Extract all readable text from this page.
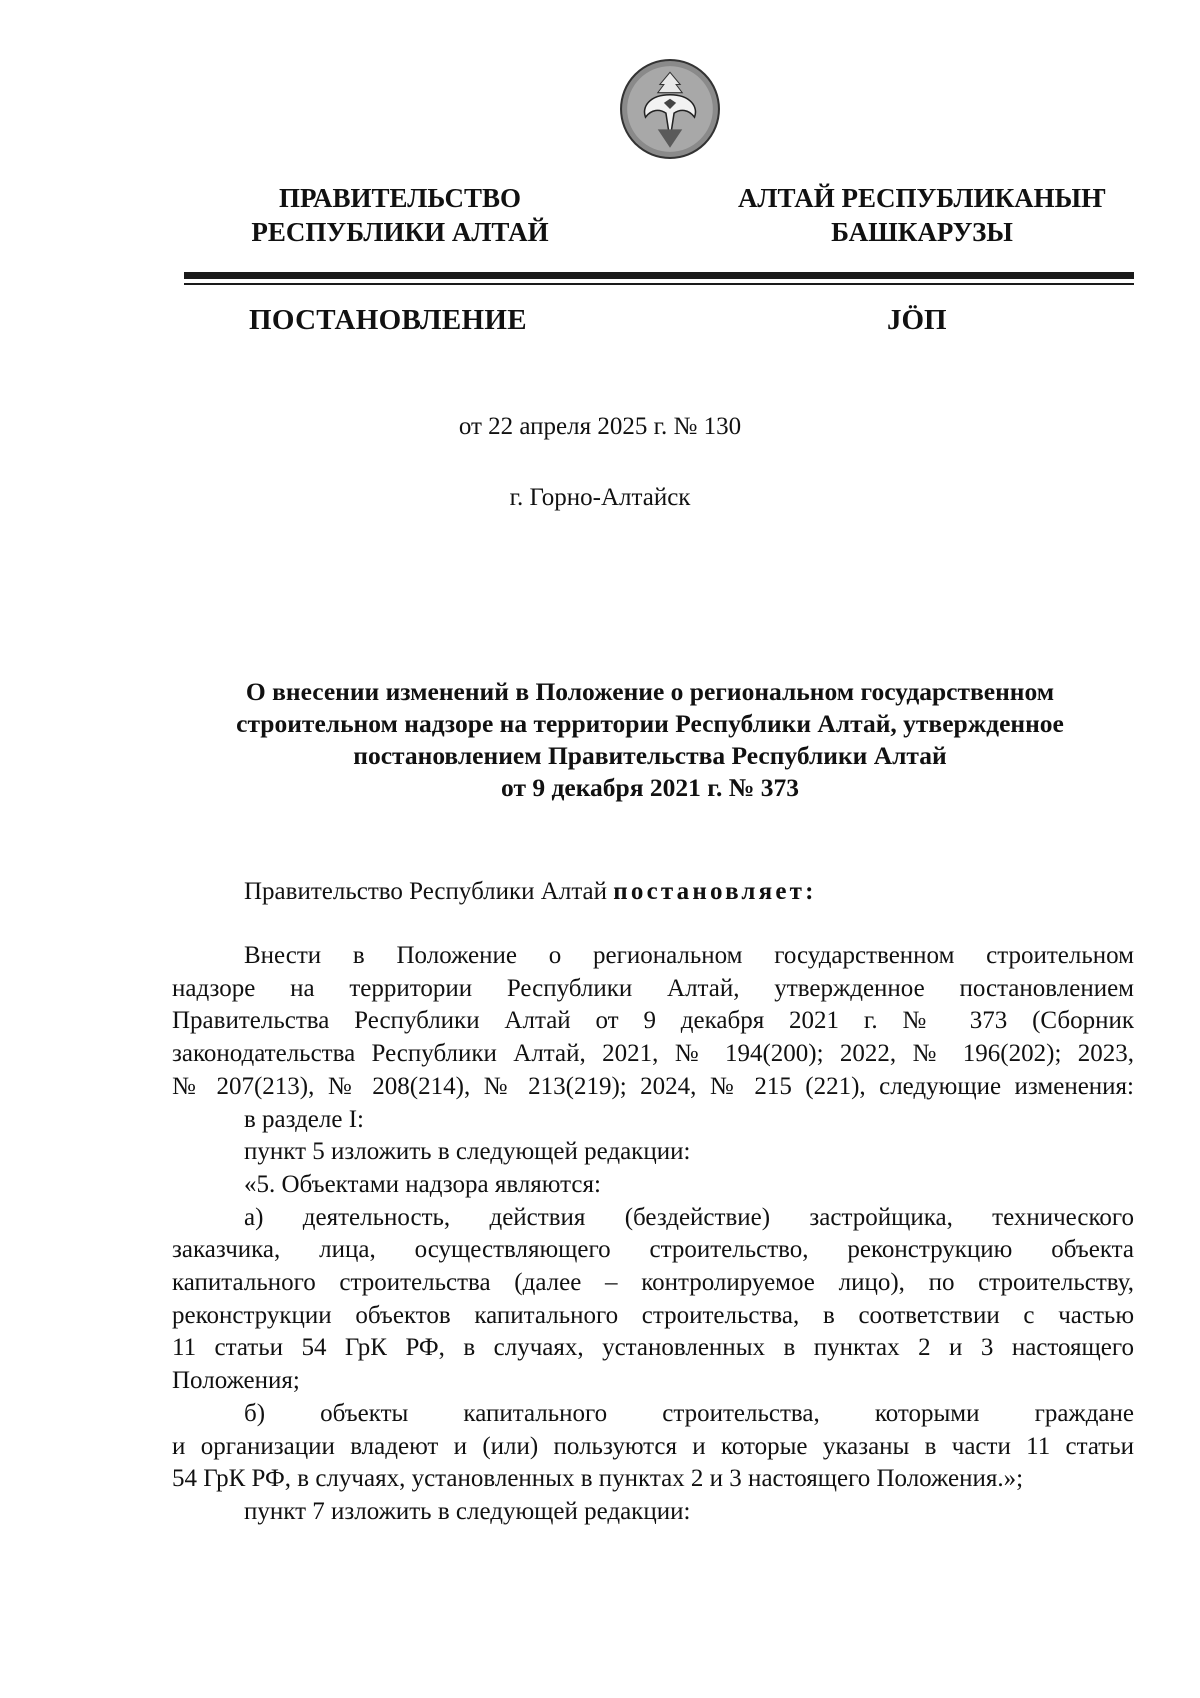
ПРАВИТЕЛЬСТВО
РЕСПУБЛИКИ АЛТАЙ
АЛТАЙ РЕСПУБЛИКАНЫҤ
БАШКАРУЗЫ
ПОСТАНОВЛЕНИЕ	JӦП
от 22 апреля 2025 г. № 130
г. Горно-Алтайск
О внесении изменений в Положение о региональном государственном
строительном надзоре на территории Республики Алтай, утвержденное
постановлением Правительства Республики Алтай
от 9 декабря 2021 г. № 373
Правительство Республики Алтай постановляет:
Внести в Положение о региональном государственном строительном
надзоре на территории Республики Алтай, утвержденное постановлением
Правительства Республики Алтай от 9 декабря 2021 г. № 373 (Сборник
законодательства Республики Алтай, 2021, № 194(200); 2022, № 196(202); 2023,
№ 207(213), № 208(214), № 213(219); 2024, № 215 (221), следующие изменения:
в разделе I:
пункт 5 изложить в следующей редакции:
«5. Объектами надзора являются:
а) деятельность, действия (бездействие) застройщика, технического
заказчика, лица, осуществляющего строительство, реконструкцию объекта
капитального строительства (далее – контролируемое лицо), по строительству,
реконструкции объектов капитального строительства, в соответствии с частью
11 статьи 54 ГрК РФ, в случаях, установленных в пунктах 2 и 3 настоящего
Положения;
б) объекты капитального строительства, которыми граждане
и организации владеют и (или) пользуются и которые указаны в части 11 статьи
54 ГрК РФ, в случаях, установленных в пунктах 2 и 3 настоящего Положения.»;
пункт 7 изложить в следующей редакции:
